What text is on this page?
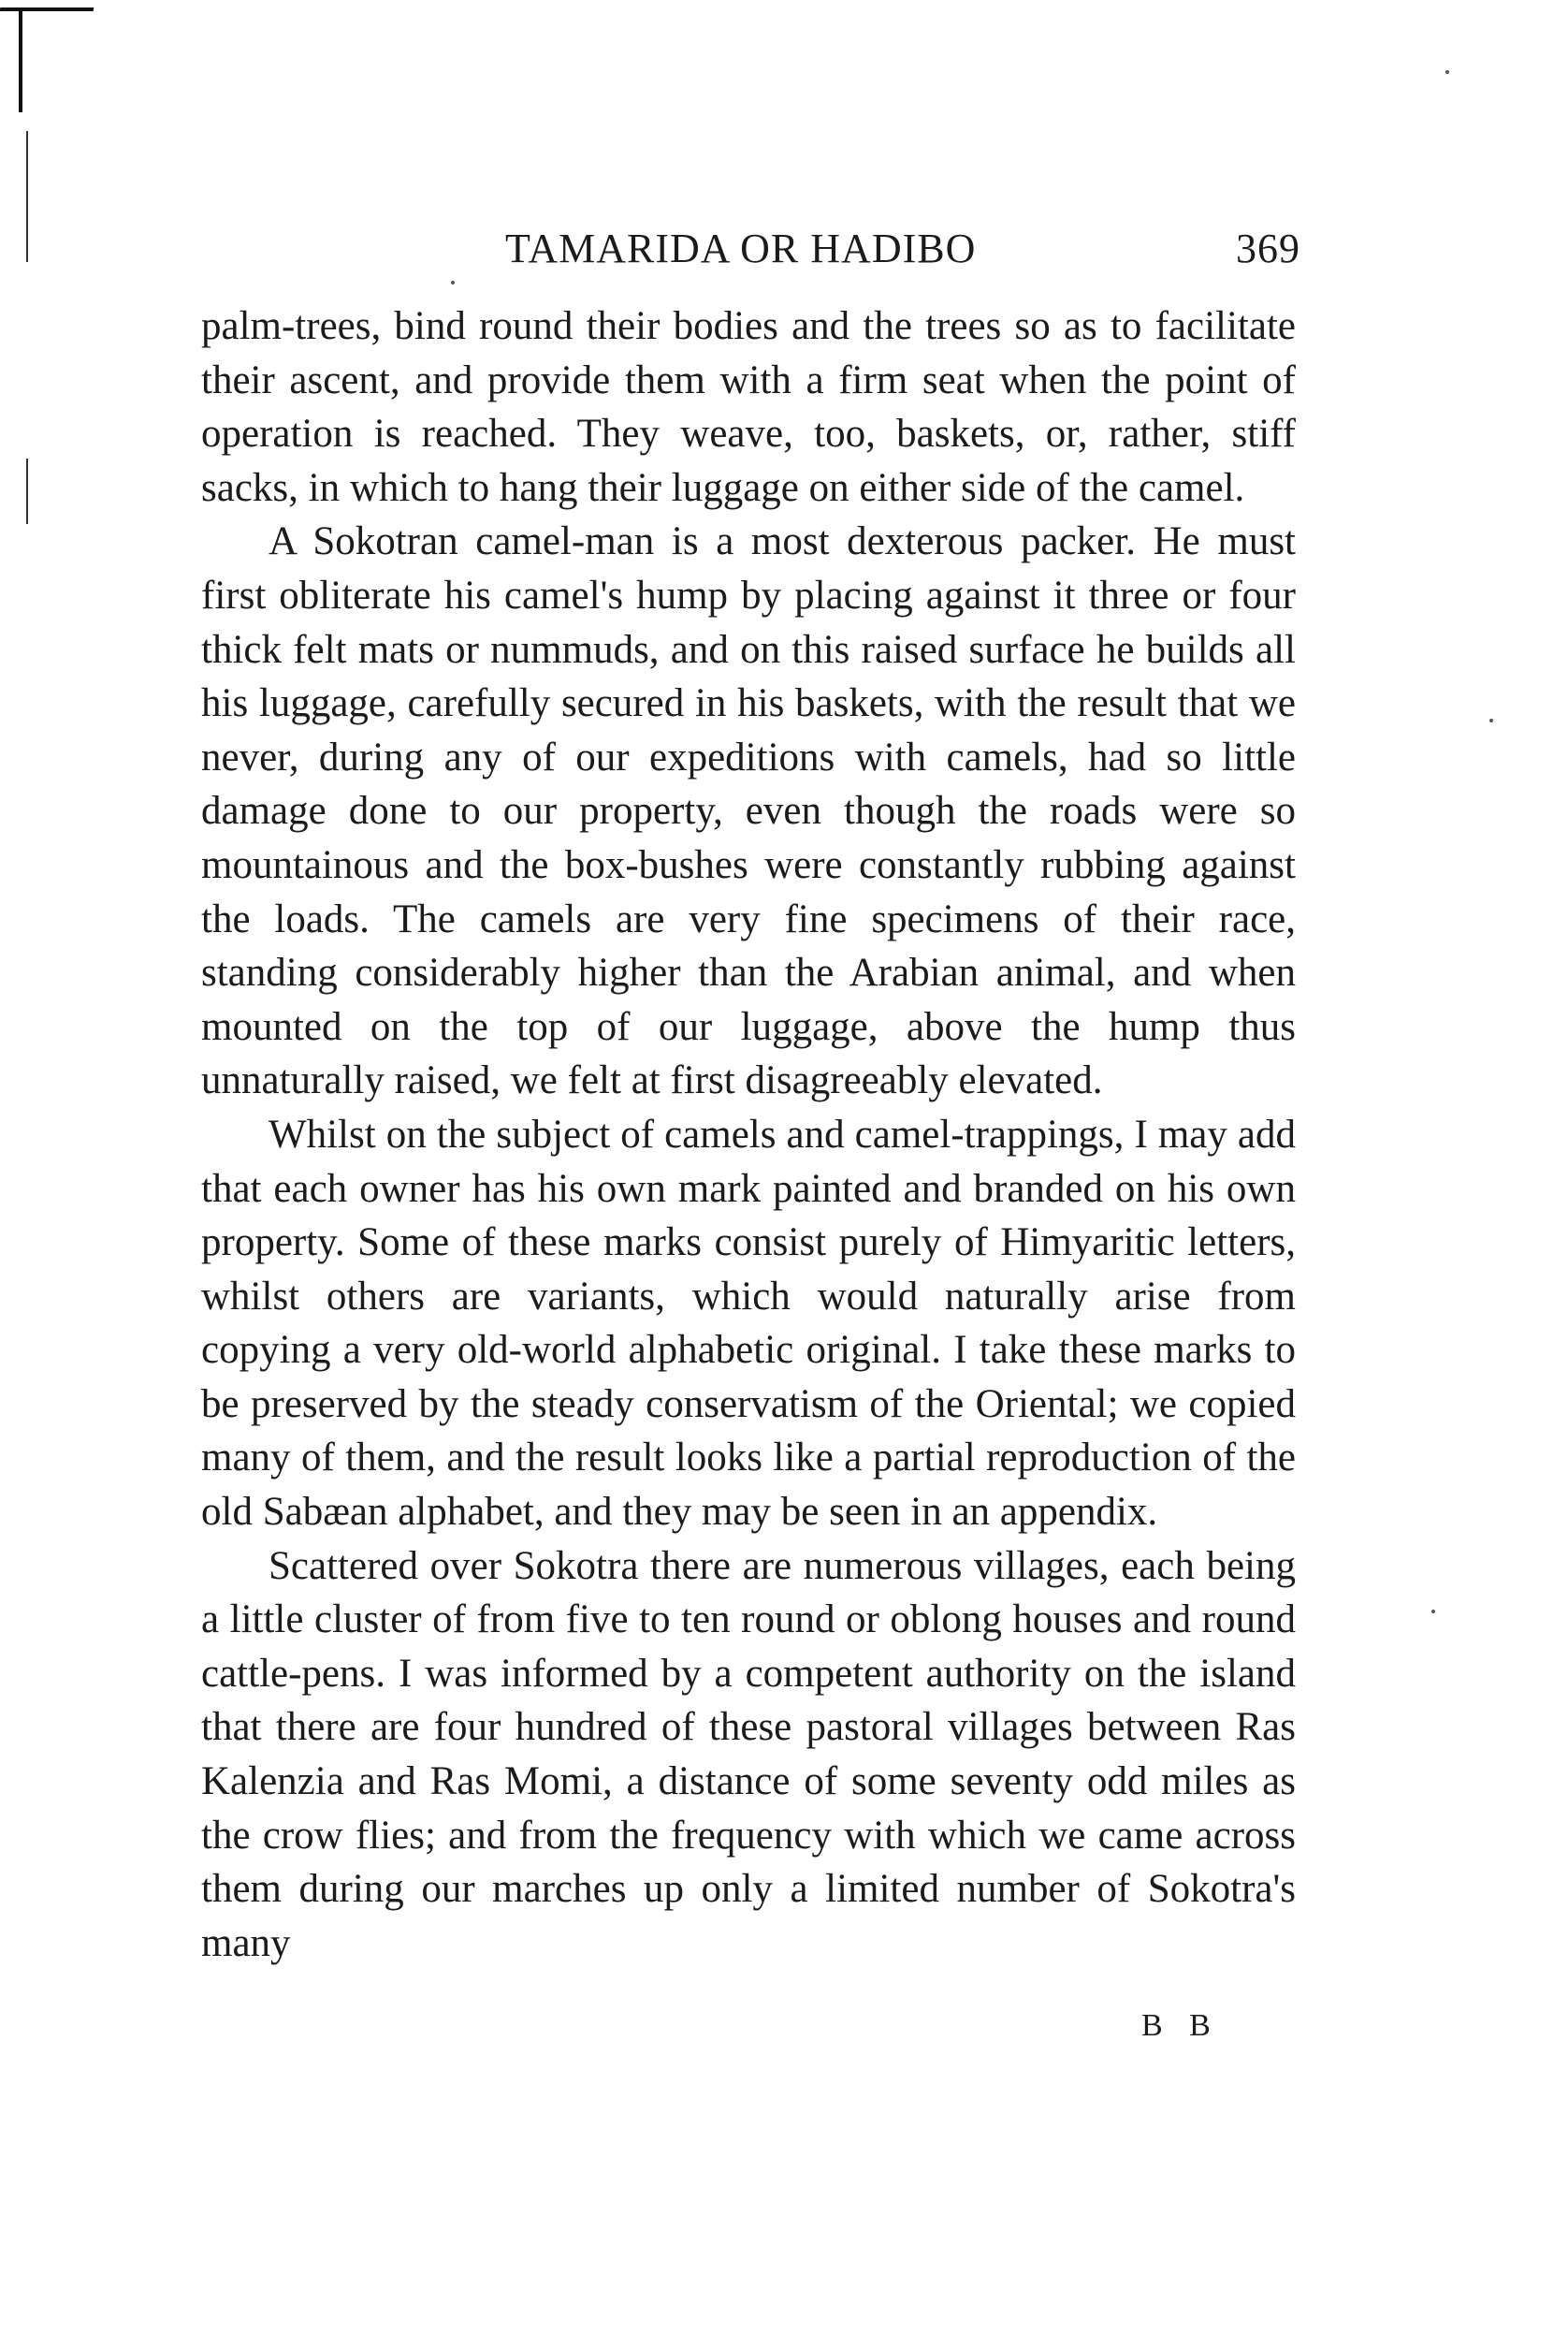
TAMARIDA OR HADIBO	369

palm-trees, bind round their bodies and the trees so as to facilitate their ascent, and provide them with a firm seat when the point of operation is reached. They weave, too, baskets, or, rather, stiff sacks, in which to hang their luggage on either side of the camel.

A Sokotran camel-man is a most dexterous packer. He must first obliterate his camel's hump by placing against it three or four thick felt mats or nummuds, and on this raised surface he builds all his luggage, carefully secured in his baskets, with the result that we never, during any of our expeditions with camels, had so little damage done to our property, even though the roads were so mountainous and the box-bushes were constantly rubbing against the loads. The camels are very fine specimens of their race, standing considerably higher than the Arabian animal, and when mounted on the top of our luggage, above the hump thus unnaturally raised, we felt at first disagreeably elevated.

Whilst on the subject of camels and camel-trappings, I may add that each owner has his own mark painted and branded on his own property. Some of these marks consist purely of Himyaritic letters, whilst others are variants, which would naturally arise from copying a very old-world alphabetic original. I take these marks to be preserved by the steady conservatism of the Oriental; we copied many of them, and the result looks like a partial reproduction of the old Sabæan alphabet, and they may be seen in an appendix.

Scattered over Sokotra there are numerous villages, each being a little cluster of from five to ten round or oblong houses and round cattle-pens. I was informed by a competent authority on the island that there are four hundred of these pastoral villages between Ras Kalenzia and Ras Momi, a distance of some seventy odd miles as the crow flies; and from the frequency with which we came across them during our marches up only a limited number of Sokotra's many

B B
